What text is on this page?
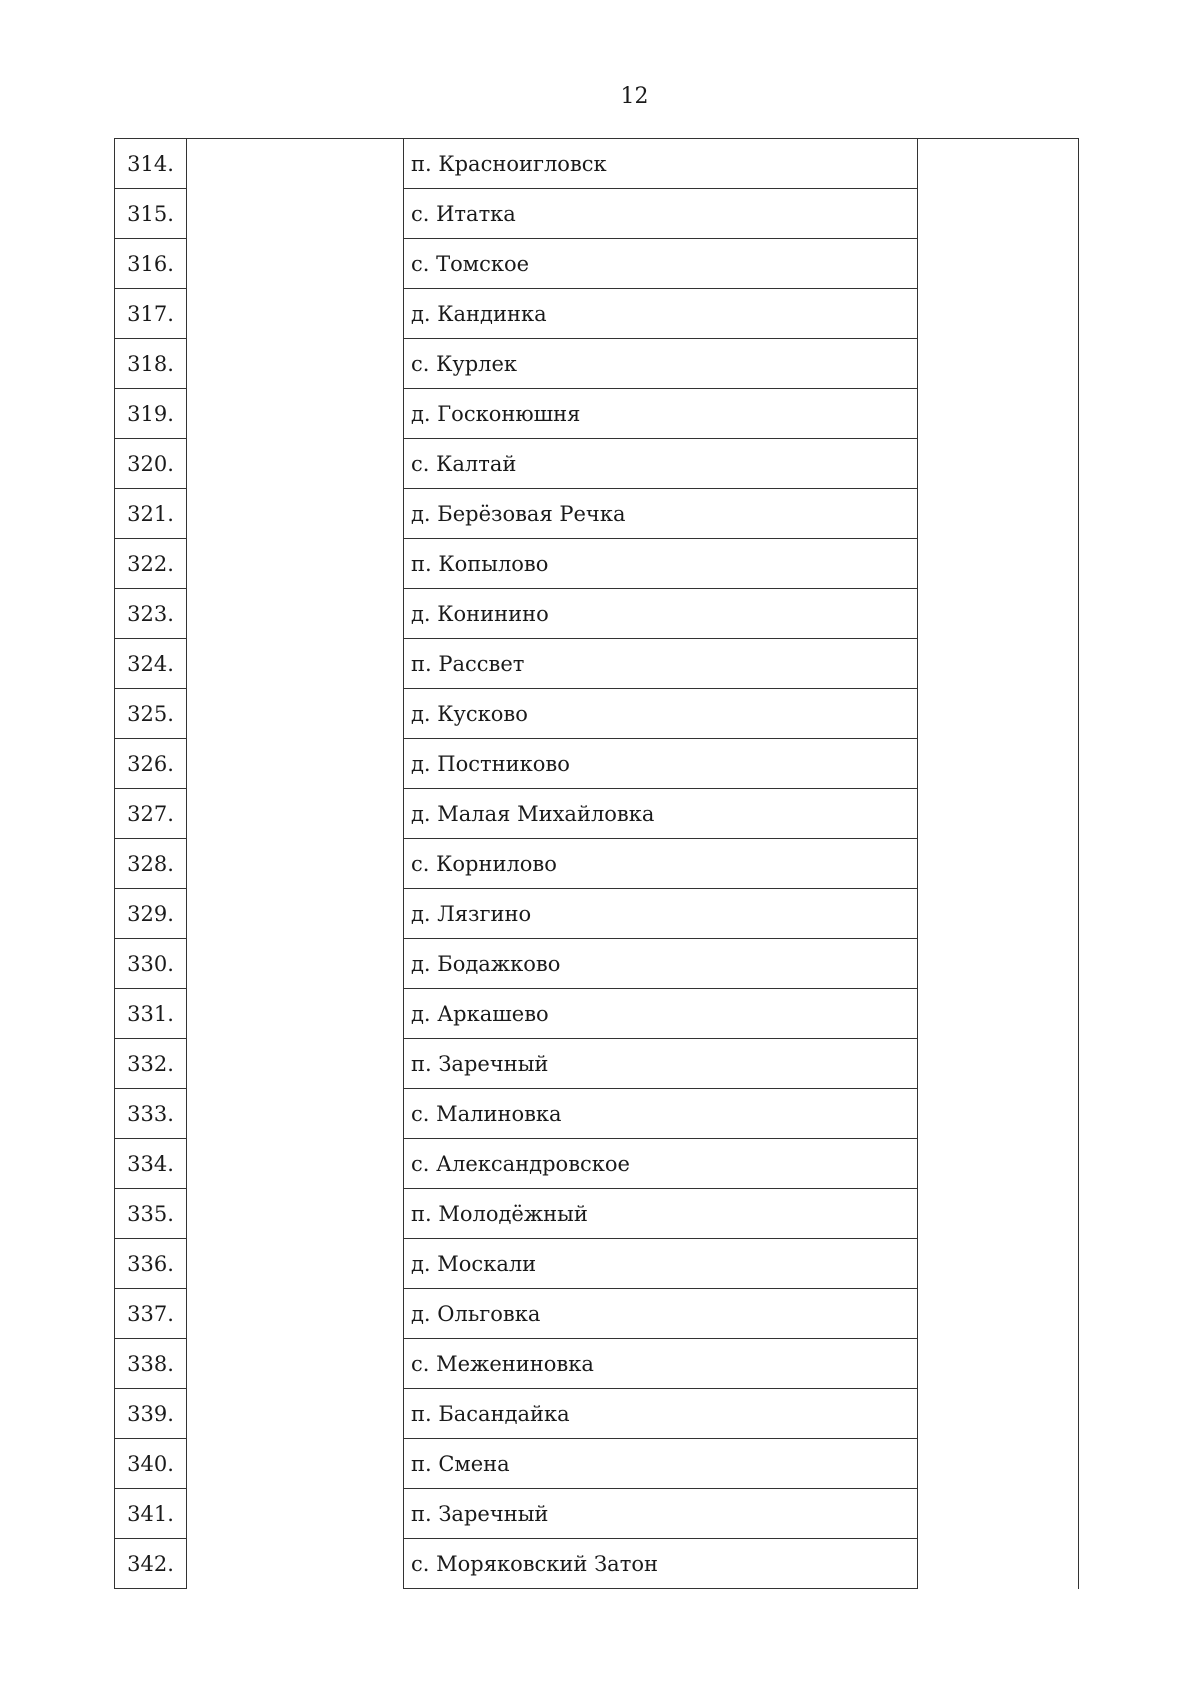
12
314.		п. Красноигловск	
315.		с. Итатка	
316.		с. Томское	
317.		д. Кандинка	
318.		с. Курлек	
319.		д. Госконюшня	
320.		с. Калтай	
321.		д. Берёзовая Речка	
322.		п. Копылово	
323.		д. Конинино	
324.		п. Рассвет	
325.		д. Кусково	
326.		д. Постниково	
327.		д. Малая Михайловка	
328.		с. Корнилово	
329.		д. Лязгино	
330.		д. Бодажково	
331.		д. Аркашево	
332.		п. Заречный	
333.		с. Малиновка	
334.		с. Александровское	
335.		п. Молодёжный	
336.		д. Москали	
337.		д. Ольговка	
338.		с. Межениновка	
339.		п. Басандайка	
340.		п. Смена	
341.		п. Заречный	
342.		с. Моряковский Затон	
